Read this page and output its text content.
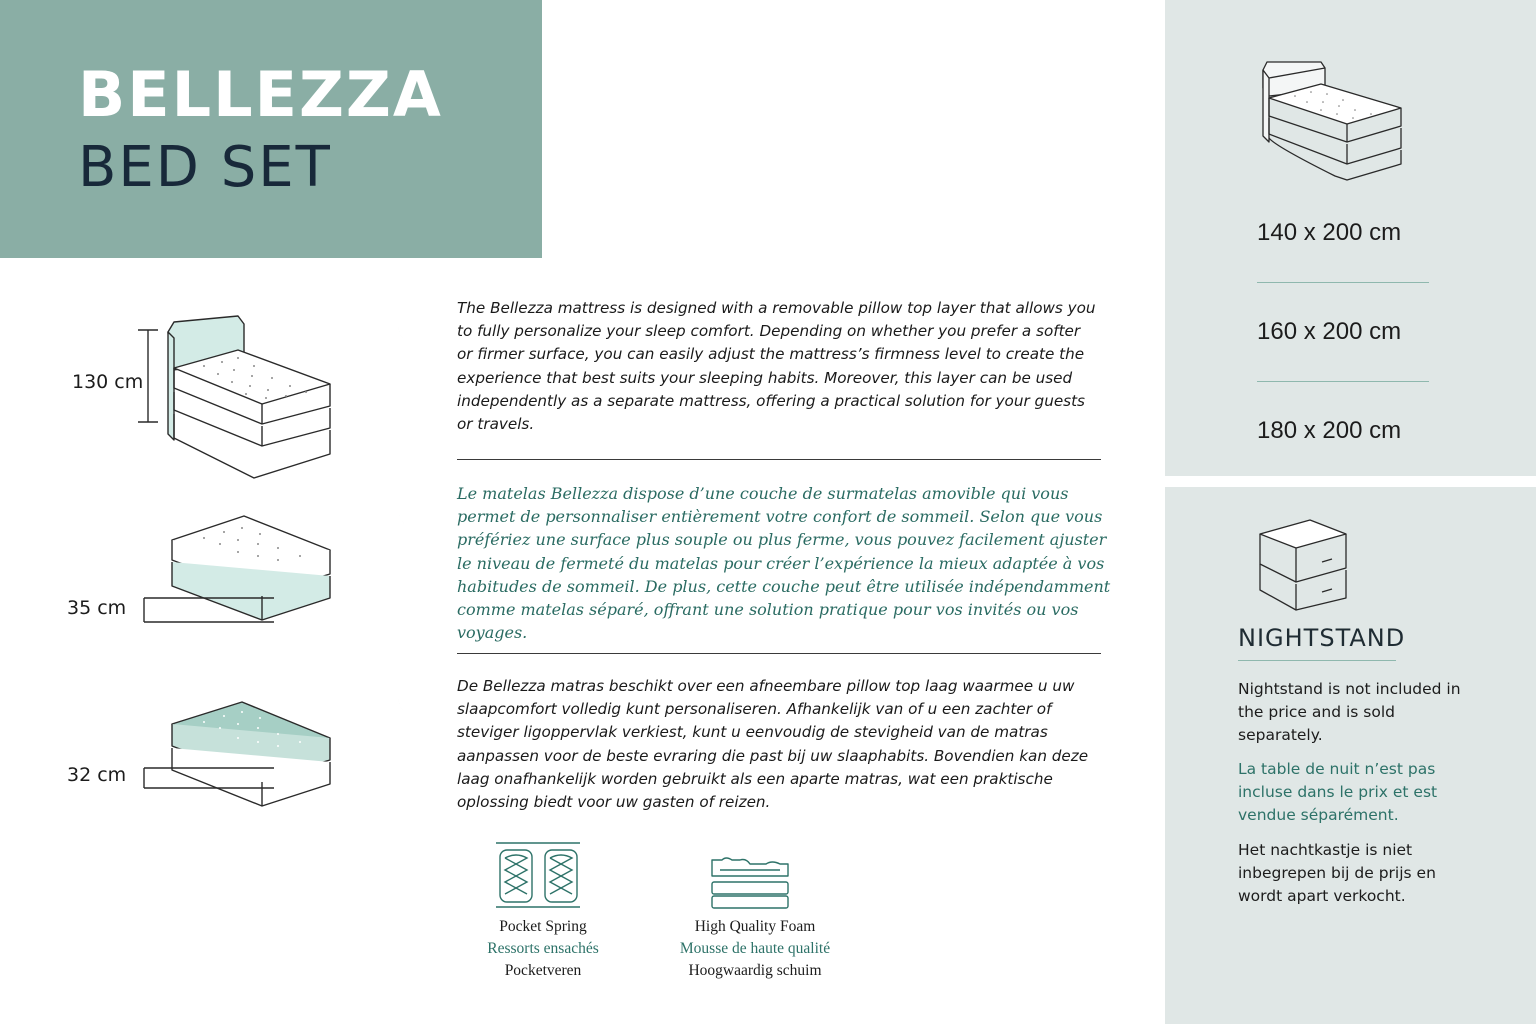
BELLEZZA
BED SET
140 x 200 cm
160 x 200 cm
180 x 200 cm
NIGHTSTAND
Nightstand is not included in the price and is sold separately.
La table de nuit n’est pas incluse dans le prix et est vendue séparément.
Het nachtkastje is niet inbegrepen bij de prijs en wordt apart verkocht.
130 cm
35 cm
32 cm
The Bellezza mattress is designed with a removable pillow top layer that allows you to fully personalize your sleep comfort. Depending on whether you prefer a softer or firmer surface, you can easily adjust the mattress’s firmness level to create the experience that best suits your sleeping habits. Moreover, this layer can be used independently as a separate mattress, offering a practical solution for your guests or travels.
Le matelas Bellezza dispose d’une couche de surmatelas amovible qui vous permet de personnaliser entièrement votre confort de sommeil. Selon que vous préfériez une surface plus souple ou plus ferme, vous pouvez facilement ajuster le niveau de fermeté du matelas pour créer l’expérience la mieux adaptée à vos habitudes de sommeil. De plus, cette couche peut être utilisée indépendamment comme matelas séparé, offrant une solution pratique pour vos invités ou vos voyages.
De Bellezza matras beschikt over een afneembare pillow top laag waarmee u uw slaapcomfort volledig kunt personaliseren. Afhankelijk van of u een zachter of steviger ligoppervlak verkiest, kunt u eenvoudig de stevigheid van de matras aanpassen voor de beste evraring die past bij uw slaaphabits. Bovendien kan deze laag onafhankelijk worden gebruikt als een aparte matras, wat een praktische oplossing biedt voor uw gasten of reizen.
Pocket Spring
Ressorts ensachés
Pocketveren
High Quality Foam
Mousse de haute qualité
Hoogwaardig schuim
